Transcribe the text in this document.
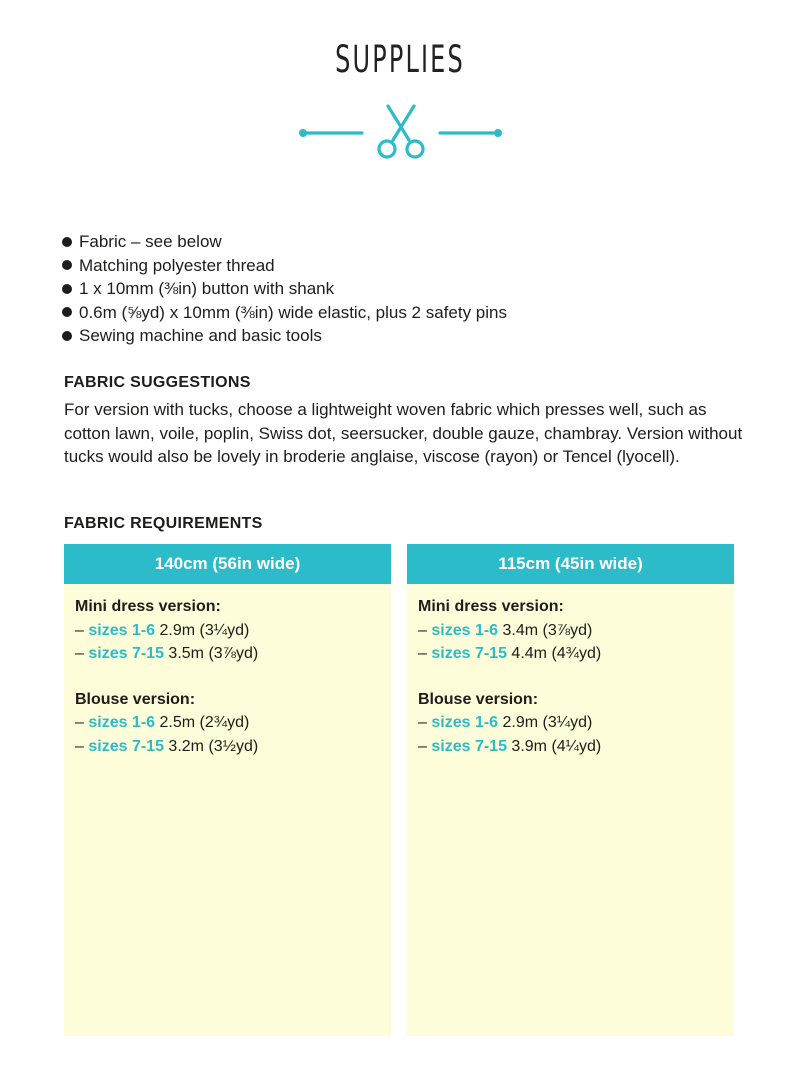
SUPPLIES
Fabric – see below
Matching polyester thread
1 x 10mm (⅜in) button with shank
0.6m (⅝yd) x 10mm (⅜in) wide elastic, plus 2 safety pins
Sewing machine and basic tools
FABRIC SUGGESTIONS
For version with tucks, choose a lightweight woven fabric which presses well, such as cotton lawn, voile, poplin, Swiss dot, seersucker, double gauze, chambray. Version without tucks would also be lovely in broderie anglaise, viscose (rayon) or Tencel (lyocell).
FABRIC REQUIREMENTS
140cm (56in wide)
Mini dress version:
– sizes 1-6 2.9m (3¼yd)
– sizes 7-15 3.5m (3⅞yd)
Blouse version:
– sizes 1-6 2.5m (2¾yd)
– sizes 7-15 3.2m (3½yd)
115cm (45in wide)
Mini dress version:
– sizes 1-6 3.4m (3⅞yd)
– sizes 7-15 4.4m (4¾yd)
Blouse version:
– sizes 1-6 2.9m (3¼yd)
– sizes 7-15 3.9m (4¼yd)
